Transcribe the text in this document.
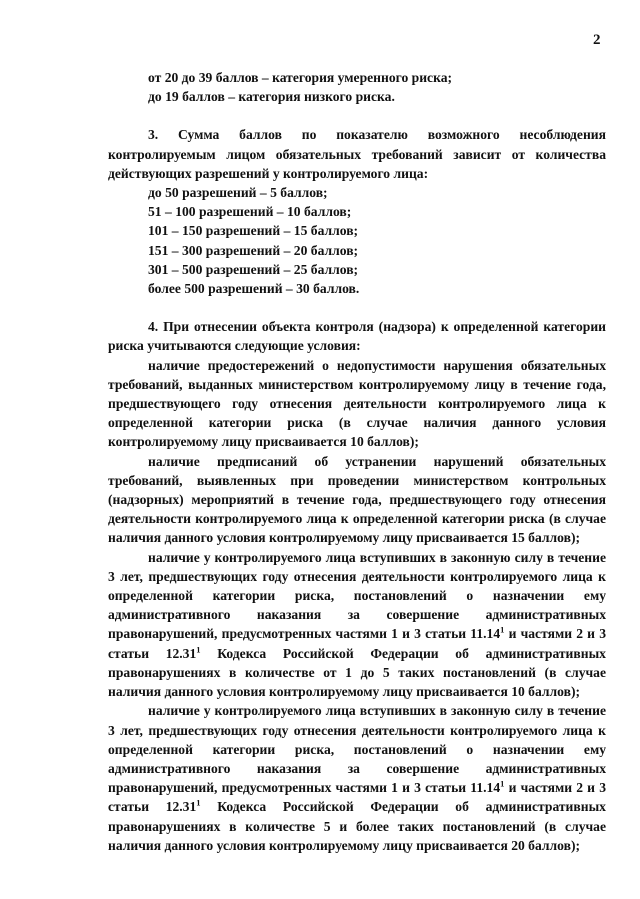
2

от 20 до 39 баллов – категория умеренного риска;

до 19 баллов – категория низкого риска.

3. Сумма баллов по показателю возможного несоблюдения контролируемым лицом обязательных требований зависит от количества действующих разрешений у контролируемого лица:

до 50 разрешений – 5 баллов;

51 – 100 разрешений – 10 баллов;

101 – 150 разрешений – 15 баллов;

151 – 300 разрешений – 20 баллов;

301 – 500 разрешений – 25 баллов;

более 500 разрешений – 30 баллов.

4. При отнесении объекта контроля (надзора) к определенной категории риска учитываются следующие условия:

наличие предостережений о недопустимости нарушения обязательных требований, выданных министерством контролируемому лицу в течение года, предшествующего году отнесения деятельности контролируемого лица к определенной категории риска (в случае наличия данного условия контролируемому лицу присваивается 10 баллов);

наличие предписаний об устранении нарушений обязательных требований, выявленных при проведении министерством контрольных (надзорных) мероприятий в течение года, предшествующего году отнесения деятельности контролируемого лица к определенной категории риска (в случае наличия данного условия контролируемому лицу присваивается 15 баллов);

наличие у контролируемого лица вступивших в законную силу в течение 3 лет, предшествующих году отнесения деятельности контролируемого лица к определенной категории риска, постановлений о назначении ему административного наказания за совершение административных правонарушений, предусмотренных частями 1 и 3 статьи 11.14$^1$ и частями 2 и 3 статьи 12.31$^1$ Кодекса Российской Федерации об административных правонарушениях в количестве от 1 до 5 таких постановлений (в случае наличия данного условия контролируемому лицу присваивается 10 баллов);

наличие у контролируемого лица вступивших в законную силу в течение 3 лет, предшествующих году отнесения деятельности контролируемого лица к определенной категории риска, постановлений о назначении ему административного наказания за совершение административных правонарушений, предусмотренных частями 1 и 3 статьи 11.14$^1$ и частями 2 и 3 статьи 12.31$^1$ Кодекса Российской Федерации об административных правонарушениях в количестве 5 и более таких постановлений (в случае наличия данного условия контролируемому лицу присваивается 20 баллов);
